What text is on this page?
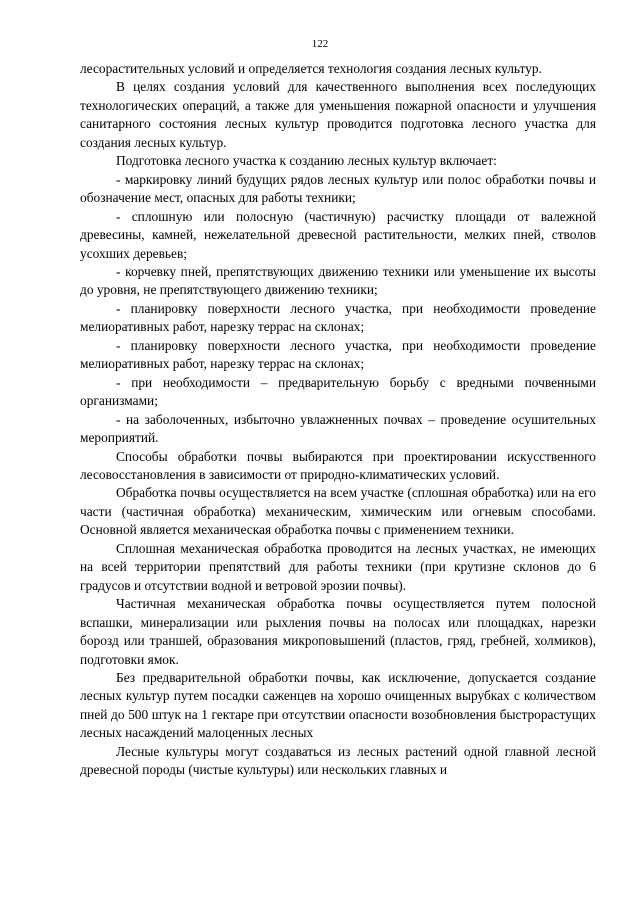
122

лесорастительных условий и определяется технология создания лесных культур.

В целях создания условий для качественного выполнения всех последующих технологических операций, а также для уменьшения пожарной опасности и улучшения санитарного состояния лесных культур проводится подготовка лесного участка для создания лесных культур.

Подготовка лесного участка к созданию лесных культур включает:

- маркировку линий будущих рядов лесных культур или полос обработки почвы и обозначение мест, опасных для работы техники;

- сплошную или полосную (частичную) расчистку площади от валежной древесины, камней, нежелательной древесной растительности, мелких пней, стволов усохших деревьев;

- корчевку пней, препятствующих движению техники или уменьшение их высоты до уровня, не препятствующего движению техники;

- планировку поверхности лесного участка, при необходимости проведение мелиоративных работ, нарезку террас на склонах;

- планировку поверхности лесного участка, при необходимости проведение мелиоративных работ, нарезку террас на склонах;

- при необходимости – предварительную борьбу с вредными почвенными организмами;

- на заболоченных, избыточно увлажненных почвах – проведение осушительных мероприятий.

Способы обработки почвы выбираются при проектировании искусственного лесовосстановления в зависимости от природно-климатических условий.

Обработка почвы осуществляется на всем участке (сплошная обработка) или на его части (частичная обработка) механическим, химическим или огневым способами. Основной является механическая обработка почвы с применением техники.

Сплошная механическая обработка проводится на лесных участках, не имеющих на всей территории препятствий для работы техники (при крутизне склонов до 6 градусов и отсутствии водной и ветровой эрозии почвы).

Частичная механическая обработка почвы осуществляется путем полосной вспашки, минерализации или рыхления почвы на полосах или площадках, нарезки борозд или траншей, образования микроповышений (пластов, гряд, гребней, холмиков), подготовки ямок.

Без предварительной обработки почвы, как исключение, допускается создание лесных культур путем посадки саженцев на хорошо очищенных вырубках с количеством пней до 500 штук на 1 гектаре при отсутствии опасности возобновления быстрорастущих лесных насаждений малоценных лесных

Лесные культуры могут создаваться из лесных растений одной главной лесной древесной породы (чистые культуры) или нескольких главных и
